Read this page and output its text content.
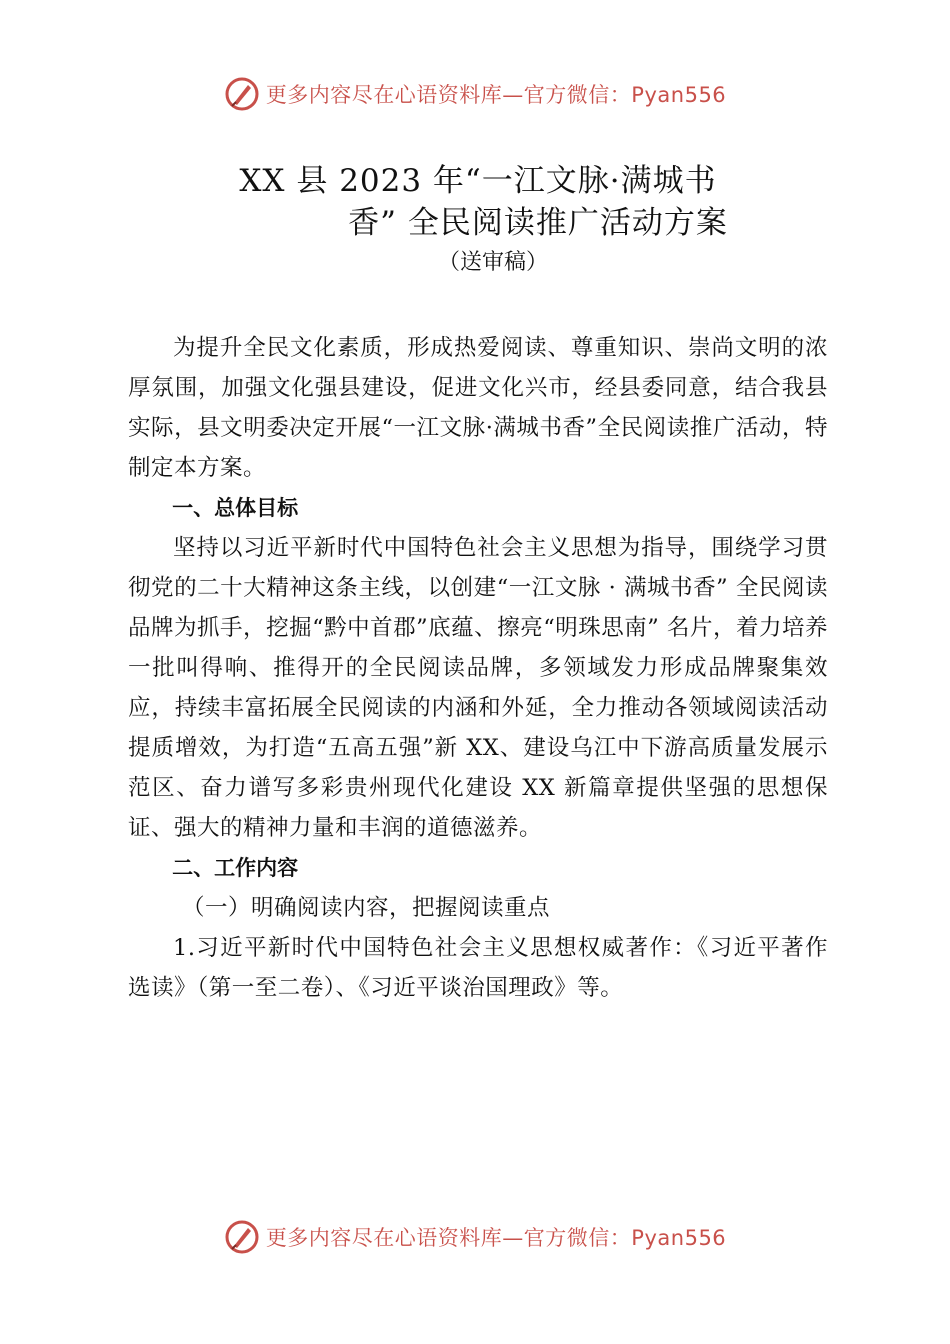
更多内容尽在心语资料库—官方微信：Pyan556
XX 县 2023 年“一江文脉·满城书
香” 全民阅读推广活动方案
（送审稿）

为提升全民文化素质，形成热爱阅读、尊重知识、崇尚文明的浓厚氛围，加强文化强县建设，促进文化兴市，经县委同意，结合我县实际，县文明委决定开展“一江文脉·满城书香”全民阅读推广活动，特制定本方案。

一、总体目标

坚持以习近平新时代中国特色社会主义思想为指导，围绕学习贯彻党的二十大精神这条主线，以创建“一江文脉 · 满城书香” 全民阅读品牌为抓手，挖掘“黔中首郡”底蕴、擦亮“明珠思南” 名片，着力培养一批叫得响、推得开的全民阅读品牌，多领域发力形成品牌聚集效应，持续丰富拓展全民阅读的内涵和外延，全力推动各领域阅读活动提质增效，为打造“五高五强”新 XX、建设乌江中下游高质量发展示范区、奋力谱写多彩贵州现代化建设 XX 新篇章提供坚强的思想保证、强大的精神力量和丰润的道德滋养。

二、工作内容

（一）明确阅读内容，把握阅读重点

1.习近平新时代中国特色社会主义思想权威著作：《习近平著作选读》（第一至二卷）、《习近平谈治国理政》等。

更多内容尽在心语资料库—官方微信：Pyan556
